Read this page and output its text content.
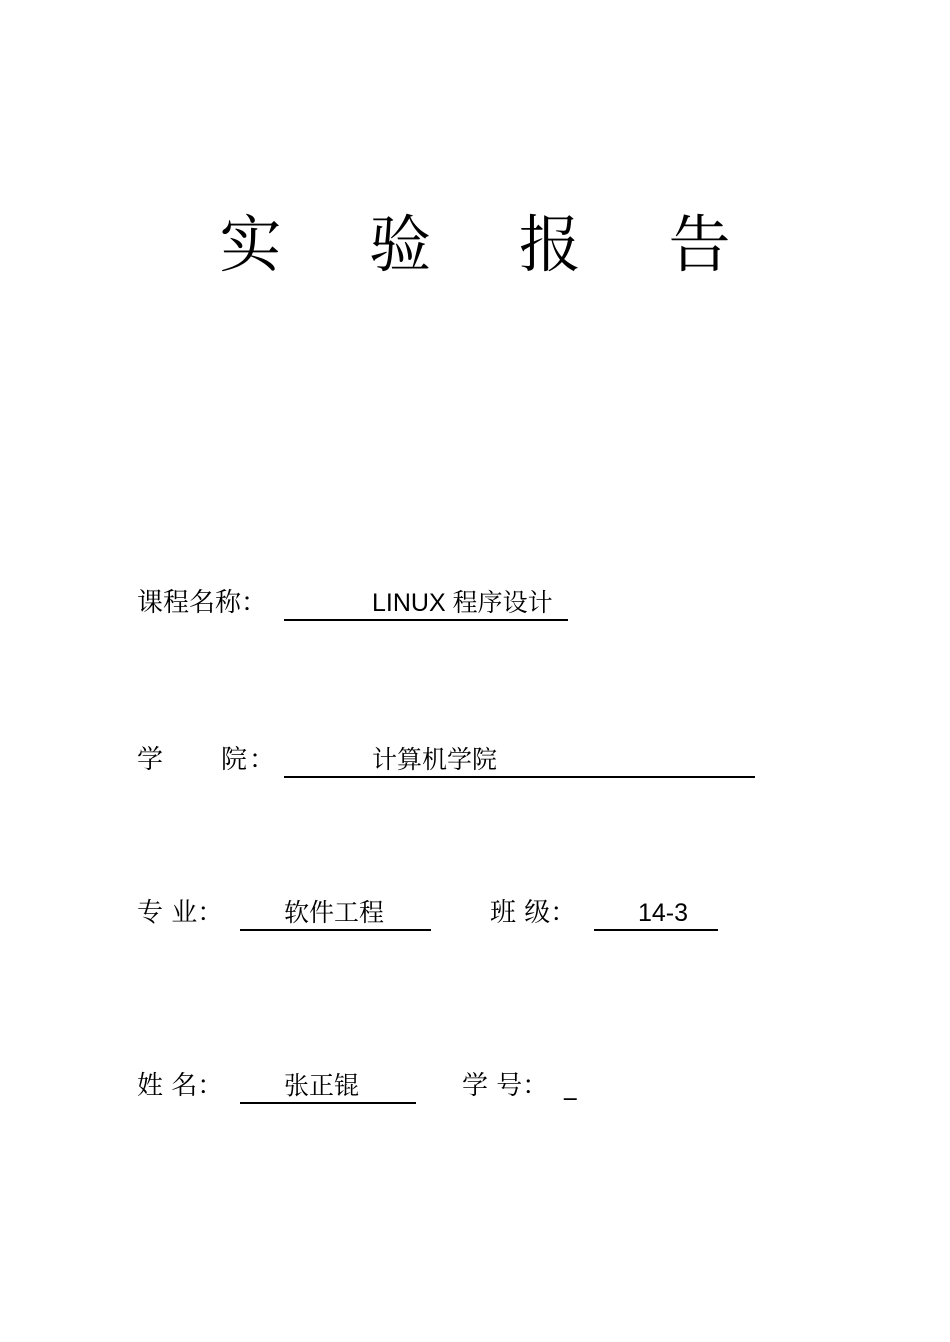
实 验 报 告
课程名称：	LINUX 程序设计
学　　院：	计算机学院
专 业： 软件工程	班 级： 14-3
姓 名： 张正锟	学 号： _
